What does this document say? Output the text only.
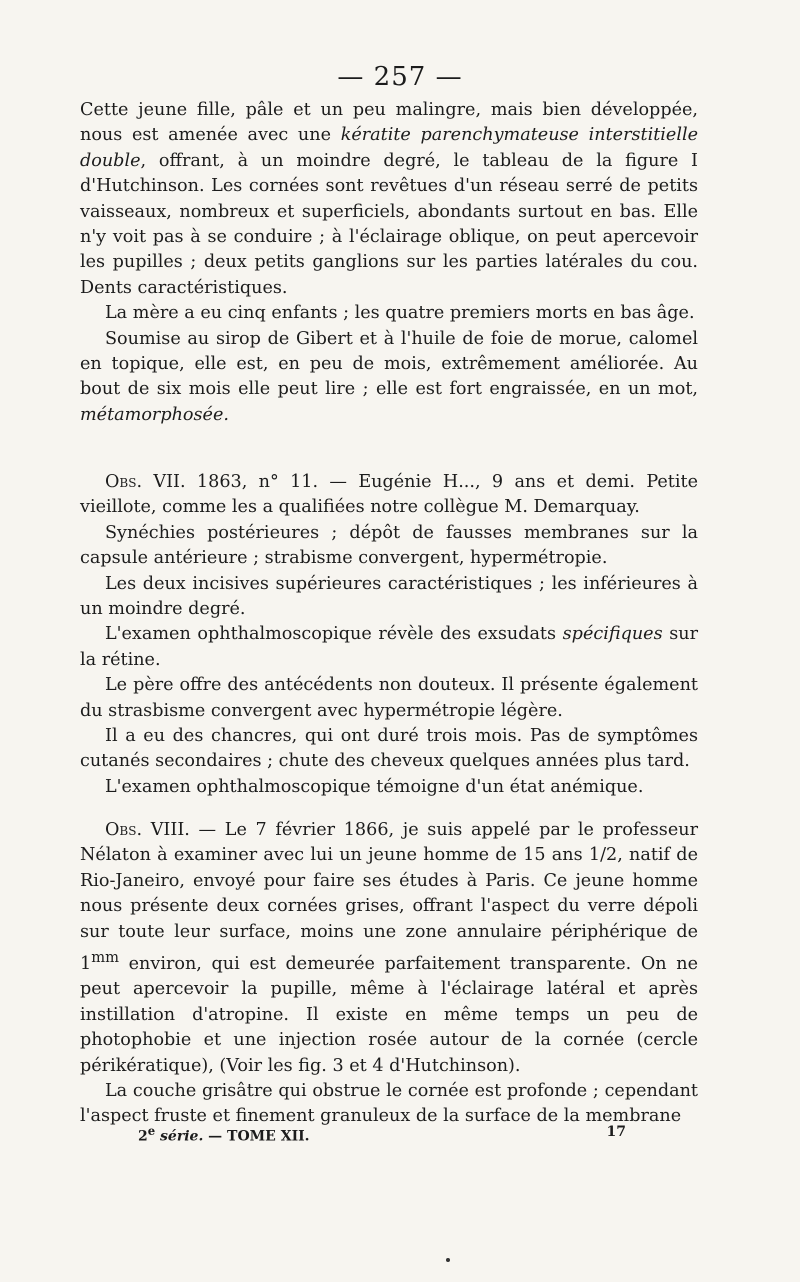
— 257 —

Cette jeune fille, pâle et un peu malingre, mais bien développée, nous est amenée avec une kératite parenchymateuse interstitielle double, offrant, à un moindre degré, le tableau de la figure I d'Hutchinson. Les cornées sont revêtues d'un réseau serré de petits vaisseaux, nombreux et superficiels, abondants surtout en bas. Elle n'y voit pas à se conduire ; à l'éclairage oblique, on peut apercevoir les pupilles ; deux petits ganglions sur les parties latérales du cou. Dents caractéristiques.

La mère a eu cinq enfants ; les quatre premiers morts en bas âge.

Soumise au sirop de Gibert et à l'huile de foie de morue, calomel en topique, elle est, en peu de mois, extrêmement améliorée. Au bout de six mois elle peut lire ; elle est fort engraissée, en un mot, métamorphosée.

Obs. VII. 1863, n° 11. — Eugénie H..., 9 ans et demi. Petite vieillote, comme les a qualifiées notre collègue M. Demarquay.

Synéchies postérieures ; dépôt de fausses membranes sur la capsule antérieure ; strabisme convergent, hypermétropie.

Les deux incisives supérieures caractéristiques ; les inférieures à un moindre degré.

L'examen ophthalmoscopique révèle des exsudats spécifiques sur la rétine.

Le père offre des antécédents non douteux. Il présente également du strasbisme convergent avec hypermétropie légère.

Il a eu des chancres, qui ont duré trois mois. Pas de symptômes cutanés secondaires ; chute des cheveux quelques années plus tard.

L'examen ophthalmoscopique témoigne d'un état anémique.

Obs. VIII. — Le 7 février 1866, je suis appelé par le professeur Nélaton à examiner avec lui un jeune homme de 15 ans 1/2, natif de Rio-Janeiro, envoyé pour faire ses études à Paris. Ce jeune homme nous présente deux cornées grises, offrant l'aspect du verre dépoli sur toute leur surface, moins une zone annulaire périphérique de $1^{mm}$ environ, qui est demeurée parfaitement transparente. On ne peut apercevoir la pupille, même à l'éclairage latéral et après instillation d'atropine. Il existe en même temps un peu de photophobie et une injection rosée autour de la cornée (cercle périkératique), (Voir les fig. 3 et 4 d'Hutchinson).

La couche grisâtre qui obstrue le cornée est profonde ; cependant l'aspect fruste et finement granuleux de la surface de la membrane

2e série. — TOME XII.	17
